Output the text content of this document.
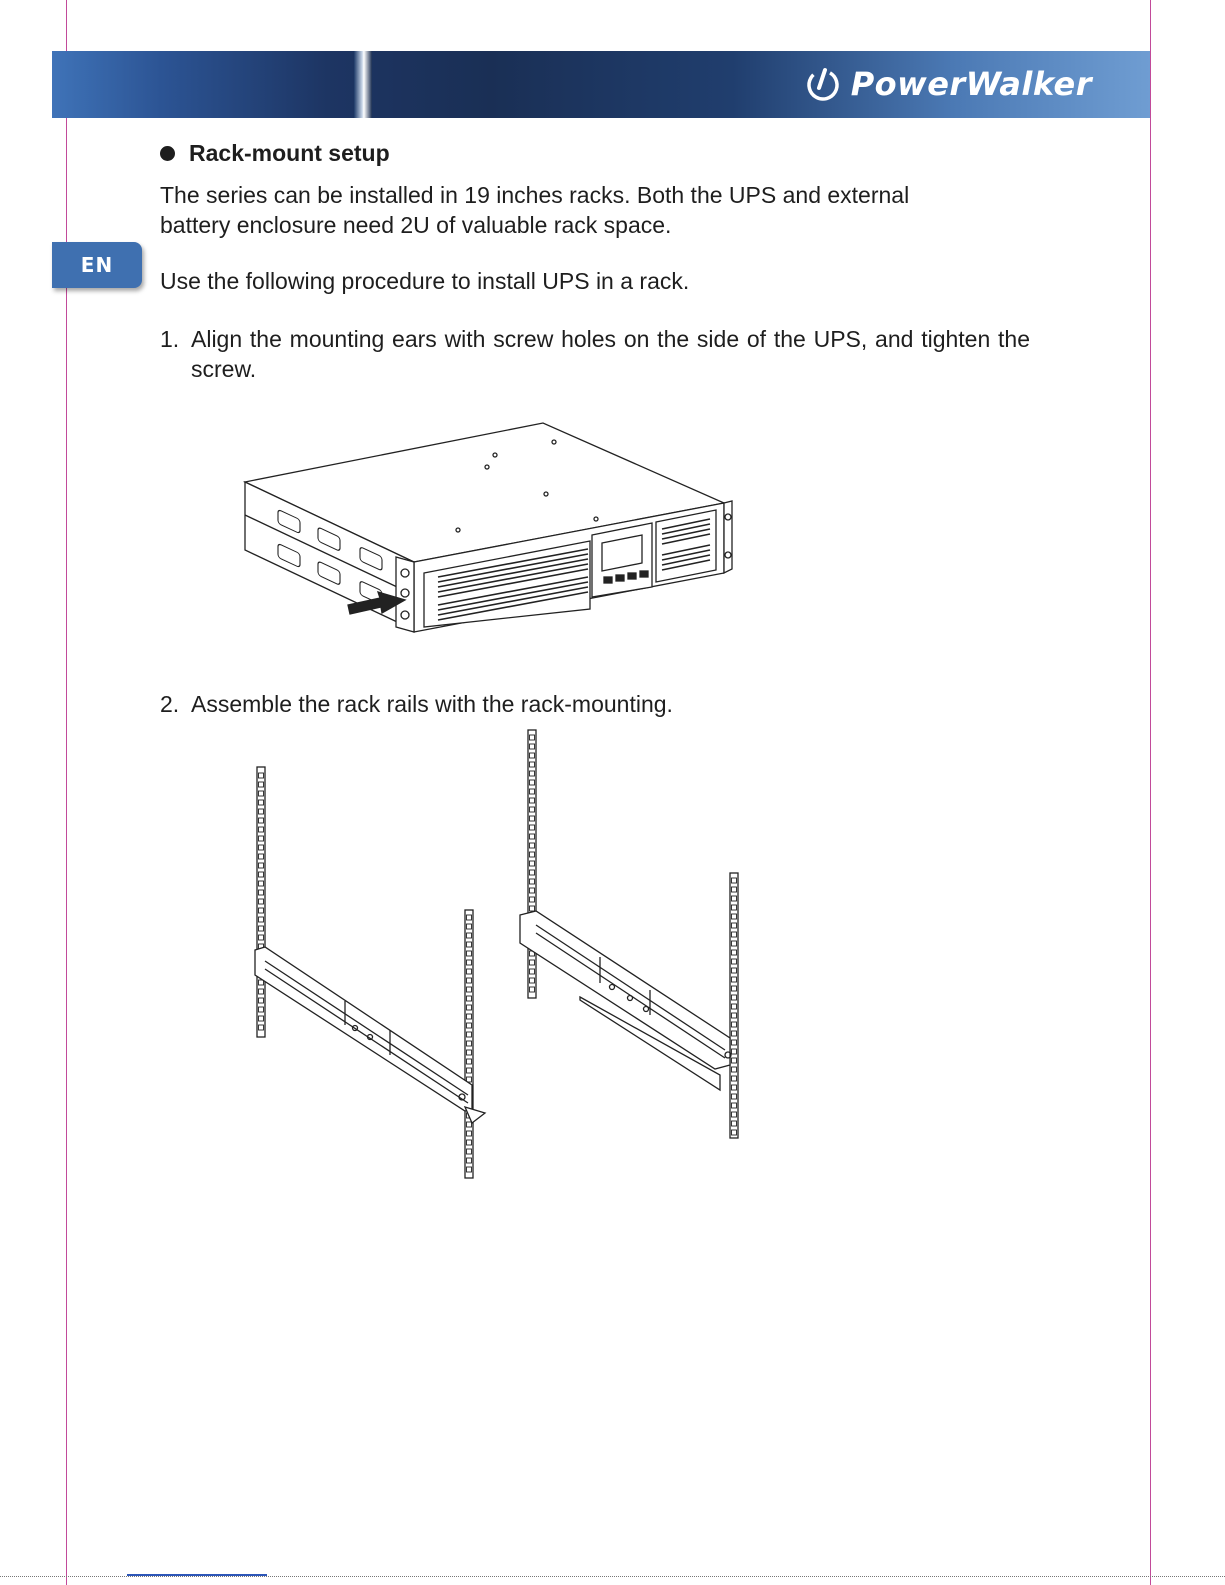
PowerWalker
EN
Rack-mount setup
The series can be installed in 19 inches racks. Both the UPS and external
battery enclosure need 2U of valuable rack space.
Use the following procedure to install UPS in a rack.
1. Align the mounting ears with screw holes on the side of the UPS, and tighten the screw.
2. Assemble the rack rails with the rack-mounting.
